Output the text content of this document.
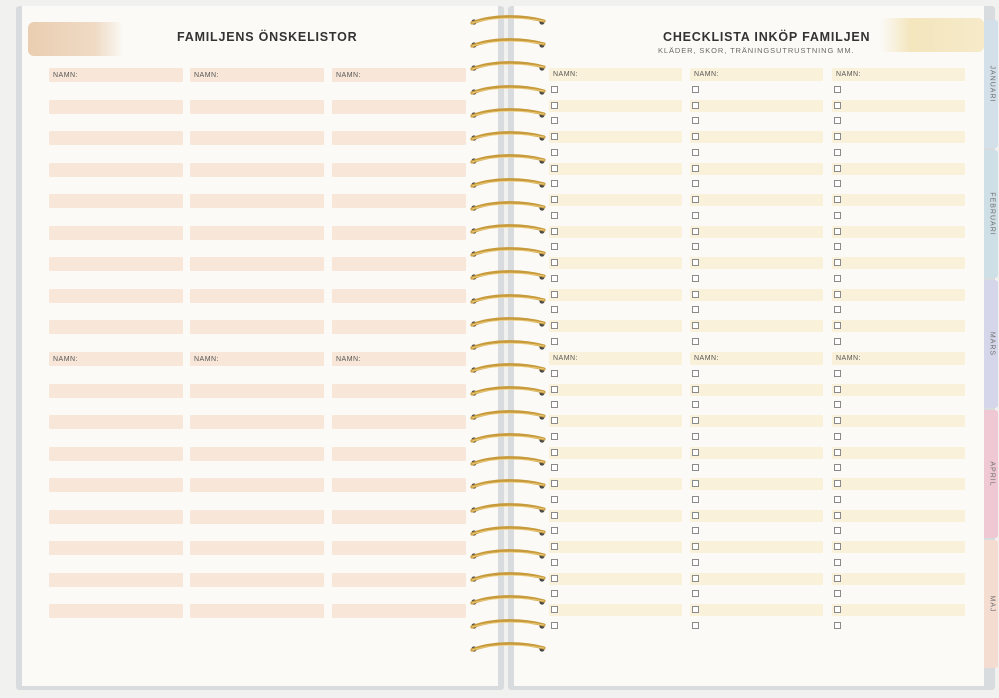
FAMILJENS ÖNSKELISTOR
NAMN:	NAMN:	NAMN:
NAMN:	NAMN:	NAMN:
CHECKLISTA INKÖP FAMILJEN
KLÄDER, SKOR, TRÄNINGSUTRUSTNING MM.
NAMN:	NAMN:	NAMN:
NAMN:	NAMN:	NAMN:
JANUARI
FEBRUARI
MARS
APRIL
MAJ
